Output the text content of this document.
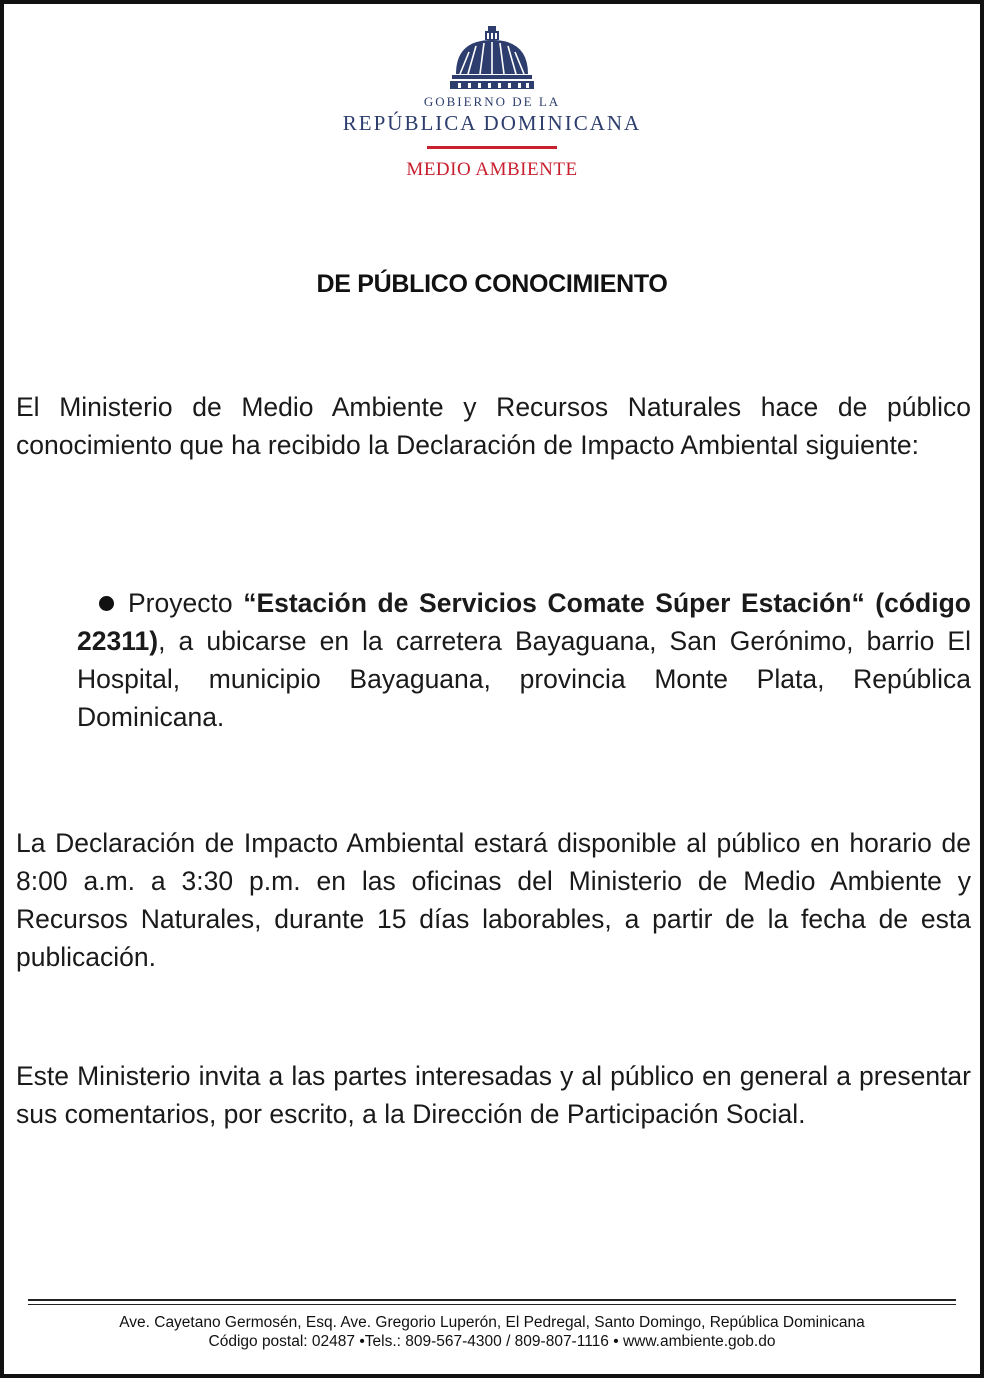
GOBIERNO DE LA
REPÚBLICA DOMINICANA
MEDIO AMBIENTE
DE PÚBLICO CONOCIMIENTO
El Ministerio de Medio Ambiente y Recursos Naturales hace de público conocimiento que ha recibido la Declaración de Impacto Ambiental siguiente:
Proyecto “Estación de Servicios Comate Súper Estación“ (código 22311), a ubicarse en la carretera Bayaguana, San Gerónimo, barrio El Hospital, municipio Bayaguana, provincia Monte Plata, República Dominicana.
La Declaración de Impacto Ambiental estará disponible al público en horario de 8:00 a.m. a 3:30 p.m. en las oficinas del Ministerio de Medio Ambiente y Recursos Naturales, durante 15 días laborables, a partir de la fecha de esta publicación.
Este Ministerio invita a las partes interesadas y al público en general a presentar sus comentarios, por escrito, a la Dirección de Participación Social.
Ave. Cayetano Germosén, Esq. Ave. Gregorio Luperón, El Pedregal, Santo Domingo, República Dominicana
Código postal: 02487 •Tels.: 809-567-4300 / 809-807-1116 • www.ambiente.gob.do
